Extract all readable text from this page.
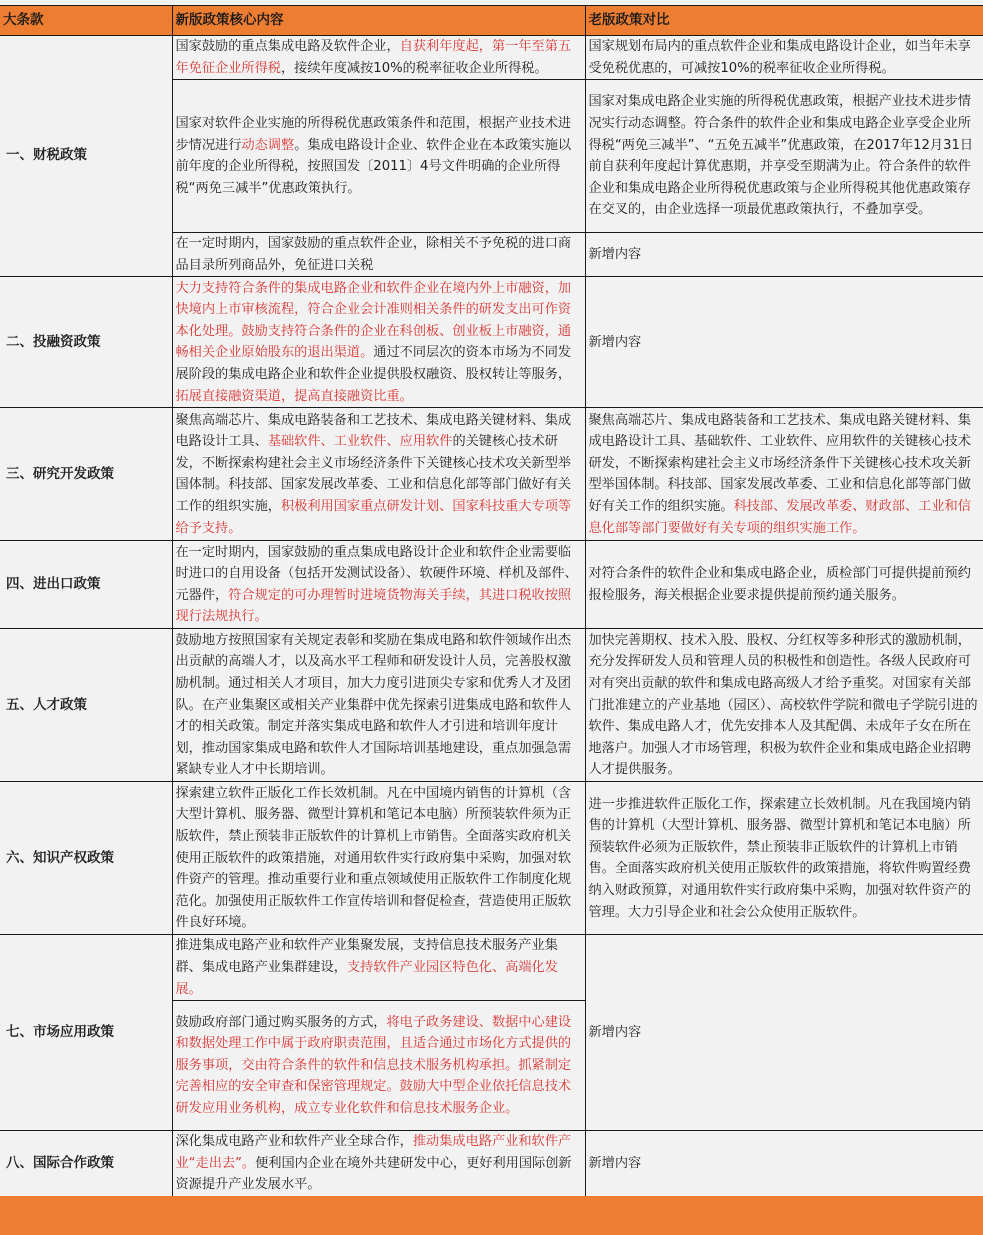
大条款	新版政策核心内容	老版政策对比
一、财税政策	国家鼓励的重点集成电路及软件企业，自获利年度起，第一年至第五年免征企业所得税，接续年度减按10%的税率征收企业所得税。	国家规划布局内的重点软件企业和集成电路设计企业，如当年未享受免税优惠的，可减按10%的税率征收企业所得税。
	国家对软件企业实施的所得税优惠政策条件和范围，根据产业技术进步情况进行动态调整。集成电路设计企业、软件企业在本政策实施以前年度的企业所得税，按照国发〔2011〕4号文件明确的企业所得税“两免三减半”优惠政策执行。	国家对集成电路企业实施的所得税优惠政策，根据产业技术进步情况实行动态调整。符合条件的软件企业和集成电路企业享受企业所得税“两免三减半”、“五免五减半”优惠政策，在2017年12月31日前自获利年度起计算优惠期，并享受至期满为止。符合条件的软件企业和集成电路企业所得税优惠政策与企业所得税其他优惠政策存在交叉的，由企业选择一项最优惠政策执行，不叠加享受。
	在一定时期内，国家鼓励的重点软件企业，除相关不予免税的进口商品目录所列商品外，免征进口关税	新增内容
二、投融资政策	大力支持符合条件的集成电路企业和软件企业在境内外上市融资，加快境内上市审核流程，符合企业会计准则相关条件的研发支出可作资本化处理。鼓励支持符合条件的企业在科创板、创业板上市融资，通畅相关企业原始股东的退出渠道。通过不同层次的资本市场为不同发展阶段的集成电路企业和软件企业提供股权融资、股权转让等服务，拓展直接融资渠道，提高直接融资比重。	新增内容
三、研究开发政策	聚焦高端芯片、集成电路装备和工艺技术、集成电路关键材料、集成电路设计工具、基础软件、工业软件、应用软件的关键核心技术研发，不断探索构建社会主义市场经济条件下关键核心技术攻关新型举国体制。科技部、国家发展改革委、工业和信息化部等部门做好有关工作的组织实施，积极利用国家重点研发计划、国家科技重大专项等给予支持。	聚焦高端芯片、集成电路装备和工艺技术、集成电路关键材料、集成电路设计工具、基础软件、工业软件、应用软件的关键核心技术研发，不断探索构建社会主义市场经济条件下关键核心技术攻关新型举国体制。科技部、国家发展改革委、工业和信息化部等部门做好有关工作的组织实施。科技部、发展改革委、财政部、工业和信息化部等部门要做好有关专项的组织实施工作。
四、进出口政策	在一定时期内，国家鼓励的重点集成电路设计企业和软件企业需要临时进口的自用设备（包括开发测试设备）、软硬件环境、样机及部件、元器件，符合规定的可办理暂时进境货物海关手续，其进口税收按照现行法规执行。	对符合条件的软件企业和集成电路企业，质检部门可提供提前预约报检服务，海关根据企业要求提供提前预约通关服务。
五、人才政策	鼓励地方按照国家有关规定表彰和奖励在集成电路和软件领域作出杰出贡献的高端人才，以及高水平工程师和研发设计人员，完善股权激励机制。通过相关人才项目，加大力度引进顶尖专家和优秀人才及团队。在产业集聚区或相关产业集群中优先探索引进集成电路和软件人才的相关政策。制定并落实集成电路和软件人才引进和培训年度计划，推动国家集成电路和软件人才国际培训基地建设，重点加强急需紧缺专业人才中长期培训。	加快完善期权、技术入股、股权、分红权等多种形式的激励机制，充分发挥研发人员和管理人员的积极性和创造性。各级人民政府可对有突出贡献的软件和集成电路高级人才给予重奖。对国家有关部门批准建立的产业基地（园区）、高校软件学院和微电子学院引进的软件、集成电路人才，优先安排本人及其配偶、未成年子女在所在地落户。加强人才市场管理，积极为软件企业和集成电路企业招聘人才提供服务。
六、知识产权政策	探索建立软件正版化工作长效机制。凡在中国境内销售的计算机（含大型计算机、服务器、微型计算机和笔记本电脑）所预装软件须为正版软件，禁止预装非正版软件的计算机上市销售。全面落实政府机关使用正版软件的政策措施，对通用软件实行政府集中采购，加强对软件资产的管理。推动重要行业和重点领域使用正版软件工作制度化规范化。加强使用正版软件工作宣传培训和督促检查，营造使用正版软件良好环境。	进一步推进软件正版化工作，探索建立长效机制。凡在我国境内销售的计算机（大型计算机、服务器、微型计算机和笔记本电脑）所预装软件必须为正版软件，禁止预装非正版软件的计算机上市销售。全面落实政府机关使用正版软件的政策措施，将软件购置经费纳入财政预算，对通用软件实行政府集中采购，加强对软件资产的管理。大力引导企业和社会公众使用正版软件。
七、市场应用政策	推进集成电路产业和软件产业集聚发展，支持信息技术服务产业集群、集成电路产业集群建设，支持软件产业园区特色化、高端化发展。	新增内容
	鼓励政府部门通过购买服务的方式，将电子政务建设、数据中心建设和数据处理工作中属于政府职责范围，且适合通过市场化方式提供的服务事项，交由符合条件的软件和信息技术服务机构承担。抓紧制定完善相应的安全审查和保密管理规定。鼓励大中型企业依托信息技术研发应用业务机构，成立专业化软件和信息技术服务企业。	
八、国际合作政策	深化集成电路产业和软件产业全球合作，推动集成电路产业和软件产业“走出去”。便利国内企业在境外共建研发中心，更好利用国际创新资源提升产业发展水平。	新增内容
